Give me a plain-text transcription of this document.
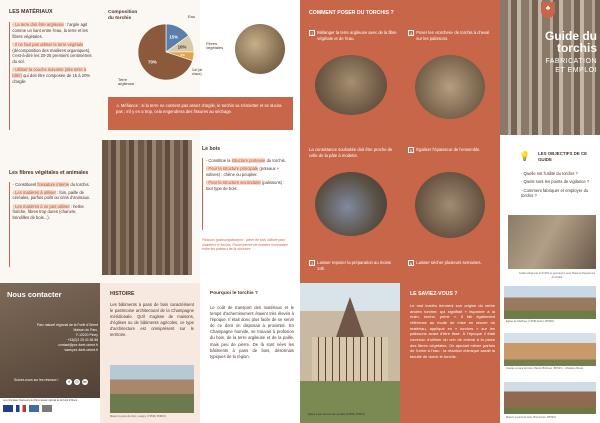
LES MATÉRIAUX

- La terre doit être argileuse : l'argile agit comme un liant entre l'eau, la terre et les fibres végétales.

- Il ne faut pas utiliser la terre végétale (décomposition des matières organiques), c'est-à-dire les 20-25 premiers centimètres du sol.

- Utiliser la couche suivante (dite terre à bâtir) qui doit être composée de 15 à 20% d'argile

Les fibres végétales et animales

- Constituent l'ossature interne du torchis.

- Les matières à utiliser : foin, paille de céréales, parfois poils ou crins d'animaux.

- Les matières à ne pas utiliser : herbe fraîche, fibres trop dures (chanvre, brindilles de bois...).

Composition du torchis
15%
10%
5%
70%
Eau
Fibres végétales
Terre argileuse
Cal (de chaux)
⚠ Méfiance : si la terre ne contient pas assez d'argile, le torchis va s'émietter et se ducira pas ; s'il y en a trop, cela engendrera des fissures au séchage.
Le bois

- Constitue la structure porteuse du torchis.

- Pour la structure principale (poteaux + solives) : chêne ou peuplier.

- Pour la structure secondaire (palissons) : tout type de bois.

Palisson (paisson/palançon : pièce de bois utilisée pour maintenir le torchis. Fourni/verrée de manière horizontale entre les poteaux de la structure.

COMMENT POSER DU TORCHIS ?
1 Mélanger la terre argileuse avec de la fibre végétale et de l'eau.
La consistance souhaitée doit être proche de celle de la pâte à modeler.
3 Laisser reposer la préparation au moins 24h.
4 Poser les «torches» de torchis à cheval sur les palissons.
5 Égaliser l'épaisseur de l'ensemble.
6 Laisser sécher plusieurs semaines.
♣
Guide du
torchis
FABRICATION
ET EMPLOI
💡 LES OBJECTIFS DE CE GUIDE

- Quelle est l'utilité du torchis ?

- Quels sont les points de vigilance ?

- Comment fabriquer et employer du torchis ?

Guide rédigé par le PnrFO et permanent pour Maisons Paysannes de l'Aube
Nous contacter
Parc naturel régional de la Forêt d'Orient
Maison du Parc,
F-10220 Piney
+33(0)3 25 43 38 88
contact@pnr-foret-orient.fr
www.pnr-foret-orient.fr
Suivez-nous sur les réseaux !	f	◎	in
Les principaux financeurs du Parc naturel régional de la Forêt d'Orient
HISTOIRE

Les bâtiments à pans de bois caractérisent le patrimoine architectural de la Champagne méridionale. Qu'il s'agisse de maisons, d'églises ou de bâtiments agricoles, ce type d'architecture est omniprésent sur le territoire.

Maison à pans de bois, Lusigny (©PNR) PNRFO
Pourquoi le torchis ?

Le coût de transport des matériaux et le temps d'acheminement étaient très élevés à l'époque. Il était donc plus facile de se servir de ce dont on disposait à proximité. En Champagne humide, se trouvait à profusion du bois, de la terre argileuse et de la paille, mais peu de pierre. De là sont nées les bâtiments à pans de bois, désormais typiques de la région.

Église à pan de bois de Lentilles (©PNR) PNRFO
LE SAVIEZ-VOUS ?

Le mot torchis tiennent son origine du verbe ancien torcher, qui signifiait « façonner à la main, torche, peinir ». Il fait également référence au mode de mise en œuvre du matériau, appliqué en « torches » sur les palissons avant d'être lissé. À l'époque il était commun d'utiliser du crin de cheval à la place des fibres végétales. On ajoutait même parfois de l'urine à l'eau : la réaction chimique aurait la faculté de durcir le torchis.

Église de Mathaux (©PNR Aube), BPNFO
Grange à pans de bois, Manoir-Bréhaux, BPNFO - Ghislaine Bouet
Maison à pans de bois, Brévonnes, BPNFO
